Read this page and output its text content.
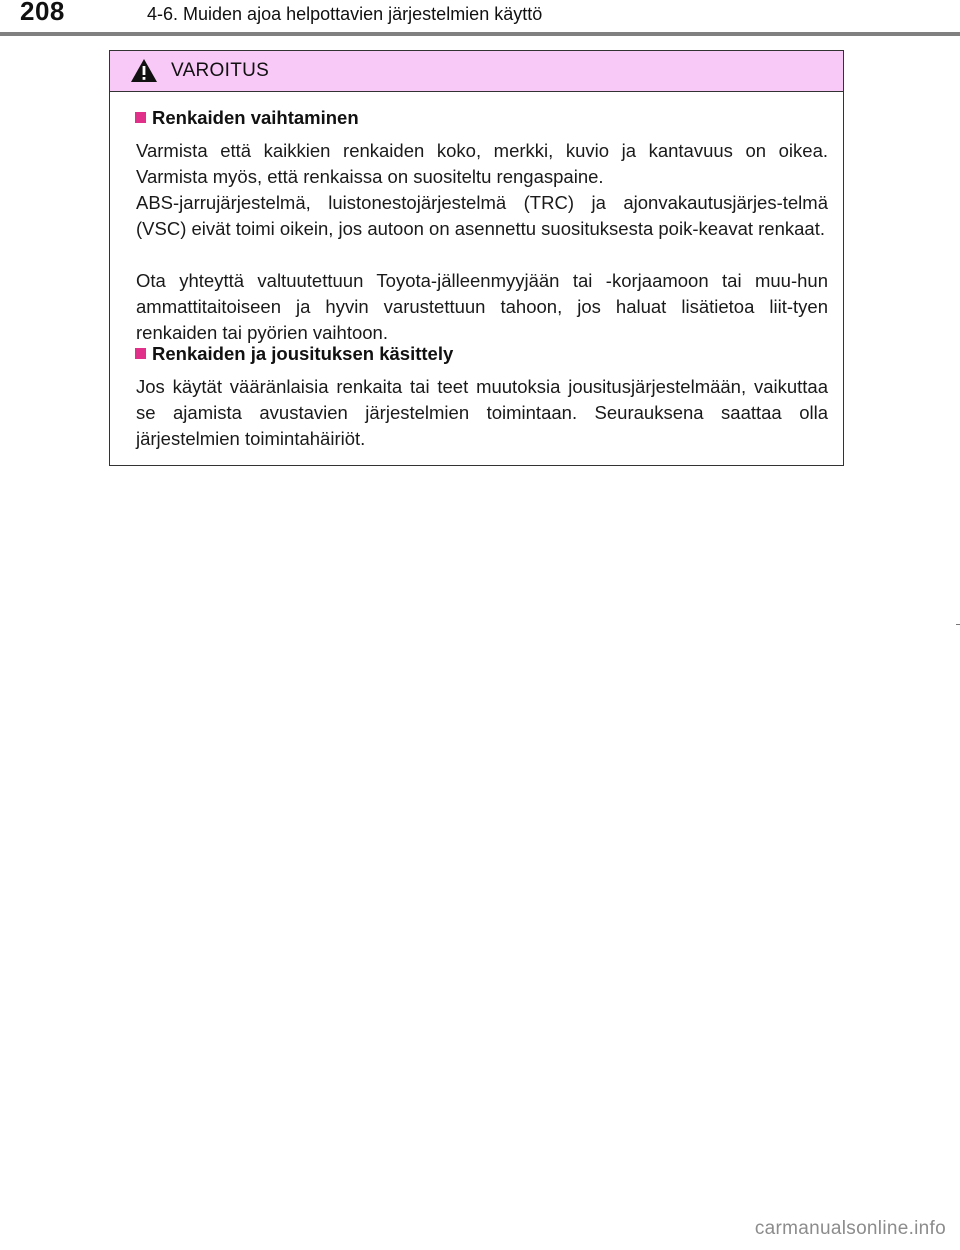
208	4-6. Muiden ajoa helpottavien järjestelmien käyttö
VAROITUS
Renkaiden vaihtaminen
Varmista että kaikkien renkaiden koko, merkki, kuvio ja kantavuus on oikea. Varmista myös, että renkaissa on suositeltu rengaspaine.
ABS-jarrujärjestelmä, luistonestojärjestelmä (TRC) ja ajonvakautusjärjes-telmä (VSC) eivät toimi oikein, jos autoon on asennettu suosituksesta poik-keavat renkaat.
Ota yhteyttä valtuutettuun Toyota-jälleenmyyjään tai -korjaamoon tai muu-hun ammattitaitoiseen ja hyvin varustettuun tahoon, jos haluat lisätietoa liit-tyen renkaiden tai pyörien vaihtoon.
Renkaiden ja jousituksen käsittely
Jos käytät vääränlaisia renkaita tai teet muutoksia jousitusjärjestelmään, vaikuttaa se ajamista avustavien järjestelmien toimintaan. Seurauksena saattaa olla järjestelmien toimintahäiriöt.
carmanualsonline.info
